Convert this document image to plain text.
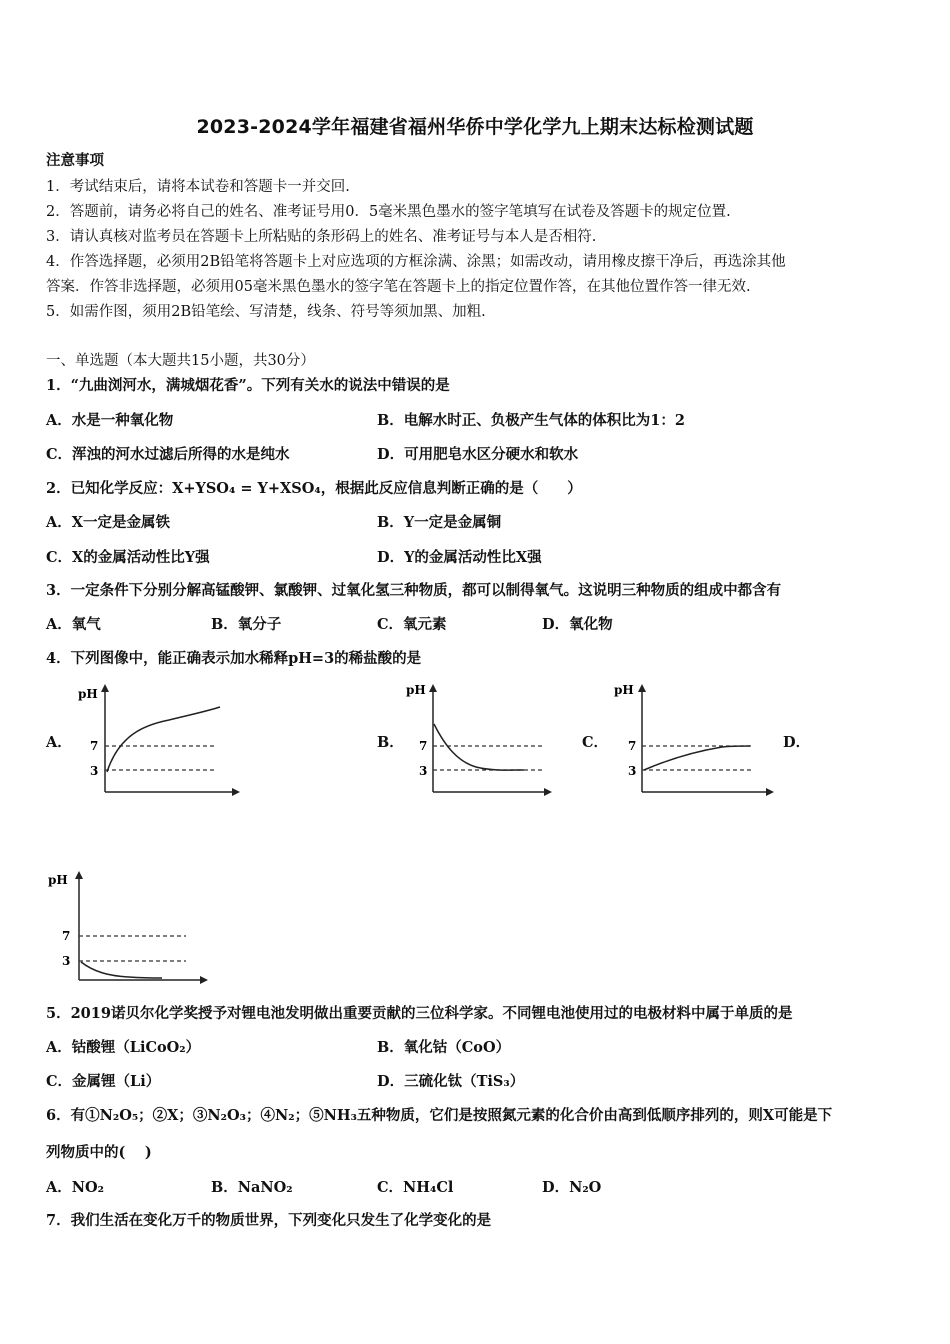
2023-2024学年福建省福州华侨中学化学九上期末达标检测试题
注意事项
1．考试结束后，请将本试卷和答题卡一并交回.
2．答题前，请务必将自己的姓名、准考证号用0．5毫米黑色墨水的签字笔填写在试卷及答题卡的规定位置.
3．请认真核对监考员在答题卡上所粘贴的条形码上的姓名、准考证号与本人是否相符.
4．作答选择题，必须用2B铅笔将答题卡上对应选项的方框涂满、涂黑；如需改动，请用橡皮擦干净后，再选涂其他
答案．作答非选择题，必须用05毫米黑色墨水的签字笔在答题卡上的指定位置作答，在其他位置作答一律无效.
5．如需作图，须用2B铅笔绘、写清楚，线条、符号等须加黑、加粗.
一、单选题（本大题共15小题，共30分）
1．“九曲浏河水，满城烟花香”。下列有关水的说法中错误的是
A．水是一种氧化物	B．电解水时正、负极产生气体的体积比为1：2
C．浑浊的河水过滤后所得的水是纯水	D．可用肥皂水区分硬水和软水
2．已知化学反应：X+YSO₄ = Y+XSO₄，根据此反应信息判断正确的是（　　）
A．X一定是金属铁	B．Y一定是金属铜
C．X的金属活动性比Y强	D．Y的金属活动性比X强
3．一定条件下分别分解高锰酸钾、氯酸钾、过氧化氢三种物质，都可以制得氧气。这说明三种物质的组成中都含有
A．氧气	B．氧分子	C．氧元素	D．氧化物
4．下列图像中，能正确表示加水稀释pH=3的稀盐酸的是
A．	B．	C．	D．
pH
7
3
pH
7
3
pH
7
3
pH
7
3
5．2019诺贝尔化学奖授予对锂电池发明做出重要贡献的三位科学家。不同锂电池使用过的电极材料中属于单质的是
A．钴酸锂（LiCoO₂）	B．氧化钴（CoO）
C．金属锂（Li）	D．三硫化钛（TiS₃）
6．有①N₂O₅；②X；③N₂O₃；④N₂；⑤NH₃五种物质，它们是按照氮元素的化合价由高到低顺序排列的，则X可能是下
列物质中的(　 )
A．NO₂	B．NaNO₂	C．NH₄Cl	D．N₂O
7．我们生活在变化万千的物质世界，下列变化只发生了化学变化的是
